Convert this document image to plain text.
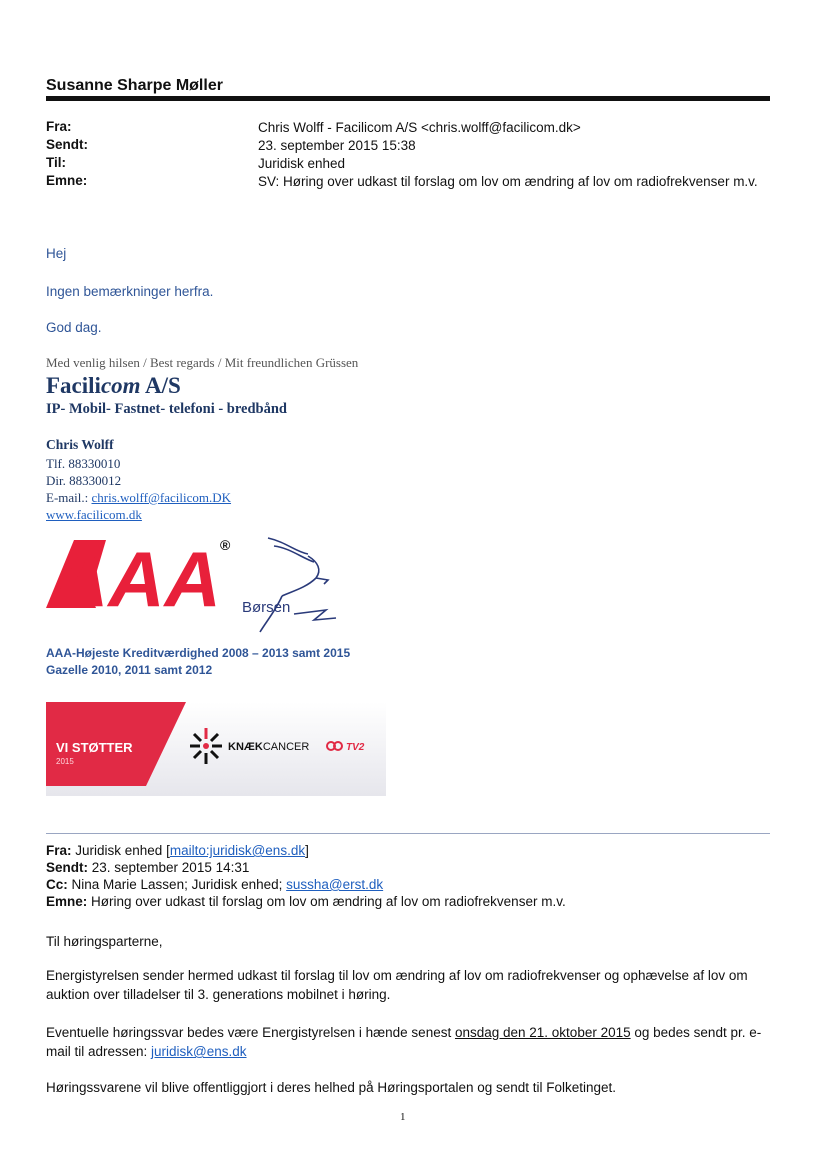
Susanne Sharpe Møller
Fra:	Chris Wolff - Facilicom A/S <chris.wolff@facilicom.dk>
Sendt:	23. september 2015 15:38
Til:	Juridisk enhed
Emne:	SV: Høring over udkast til forslag om lov om ændring af lov om radiofrekvenser m.v.
Hej
Ingen bemærkninger herfra.
God dag.
Med venlig hilsen / Best regards / Mit freundlichen Grüssen
Facilicom A/S
IP- Mobil- Fastnet- telefoni - bredbånd
Chris Wolff
Tlf. 88330010
Dir. 88330012
E-mail.: chris.wolff@facilicom.DK
www.facilicom.dk
AAA ®
Børsen
AAA-Højeste Kreditværdighed 2008 – 2013 samt 2015
Gazelle 2010, 2011 samt 2012
VI STØTTER
2015
KNÆKCANCER	TV2
Fra: Juridisk enhed [mailto:juridisk@ens.dk]
Sendt: 23. september 2015 14:31
Cc: Nina Marie Lassen; Juridisk enhed; sussha@erst.dk
Emne: Høring over udkast til forslag om lov om ændring af lov om radiofrekvenser m.v.
Til høringsparterne,
Energistyrelsen sender hermed udkast til forslag til lov om ændring af lov om radiofrekvenser og ophævelse af lov om auktion over tilladelser til 3. generations mobilnet i høring.
Eventuelle høringssvar bedes være Energistyrelsen i hænde senest onsdag den 21. oktober 2015 og bedes sendt pr. e-mail til adressen: juridisk@ens.dk
Høringssvarene vil blive offentliggjort i deres helhed på Høringsportalen og sendt til Folketinget.
1
